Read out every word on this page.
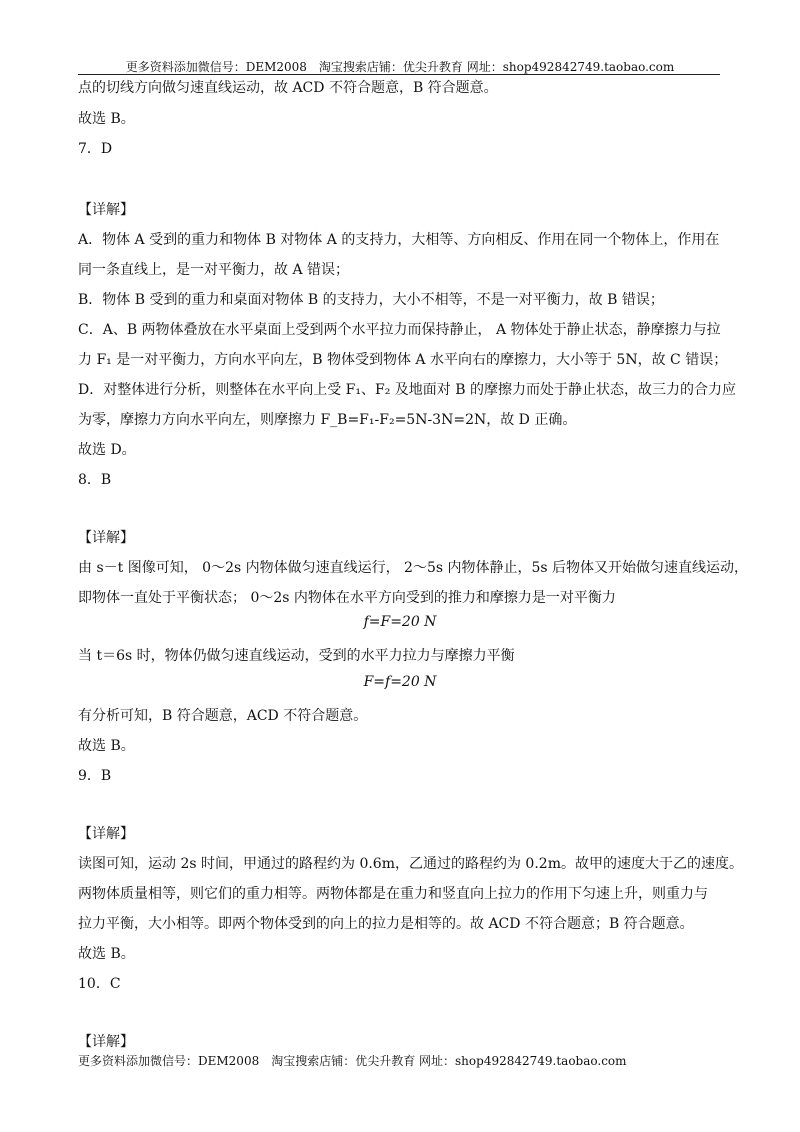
更多资料添加微信号：DEM2008　淘宝搜索店铺：优尖升教育 网址：shop492842749.taobao.com
点的切线方向做匀速直线运动，故 ACD 不符合题意，B 符合题意。
故选 B。
7．D
【详解】
A．物体 A 受到的重力和物体 B 对物体 A 的支持力，大相等、方向相反、作用在同一个物体上，作用在
同一条直线上，是一对平衡力，故 A 错误；
B．物体 B 受到的重力和桌面对物体 B 的支持力，大小不相等，不是一对平衡力，故 B 错误；
C．A、B 两物体叠放在水平桌面上受到两个水平拉力而保持静止， A 物体处于静止状态，静摩擦力与拉
力 F₁ 是一对平衡力，方向水平向左，B 物体受到物体 A 水平向右的摩擦力，大小等于 5N，故 C 错误；
D．对整体进行分析，则整体在水平向上受 F₁、F₂ 及地面对 B 的摩擦力而处于静止状态，故三力的合力应
为零，摩擦力方向水平向左，则摩擦力 F_B=F₁-F₂=5N-3N=2N，故 D 正确。
故选 D。
8．B
【详解】
由 s－t 图像可知， 0～2s 内物体做匀速直线运行， 2～5s 内物体静止，5s 后物体又开始做匀速直线运动，
即物体一直处于平衡状态； 0～2s 内物体在水平方向受到的推力和摩擦力是一对平衡力
f=F=20 N
当 t＝6s 时，物体仍做匀速直线运动，受到的水平力拉力与摩擦力平衡
F=f=20 N
有分析可知，B 符合题意，ACD 不符合题意。
故选 B。
9．B
【详解】
读图可知，运动 2s 时间，甲通过的路程约为 0.6m，乙通过的路程约为 0.2m。故甲的速度大于乙的速度。
两物体质量相等，则它们的重力相等。两物体都是在重力和竖直向上拉力的作用下匀速上升，则重力与
拉力平衡，大小相等。即两个物体受到的向上的拉力是相等的。故 ACD 不符合题意；B 符合题意。
故选 B。
10．C
【详解】
更多资料添加微信号：DEM2008　淘宝搜索店铺：优尖升教育 网址：shop492842749.taobao.com
